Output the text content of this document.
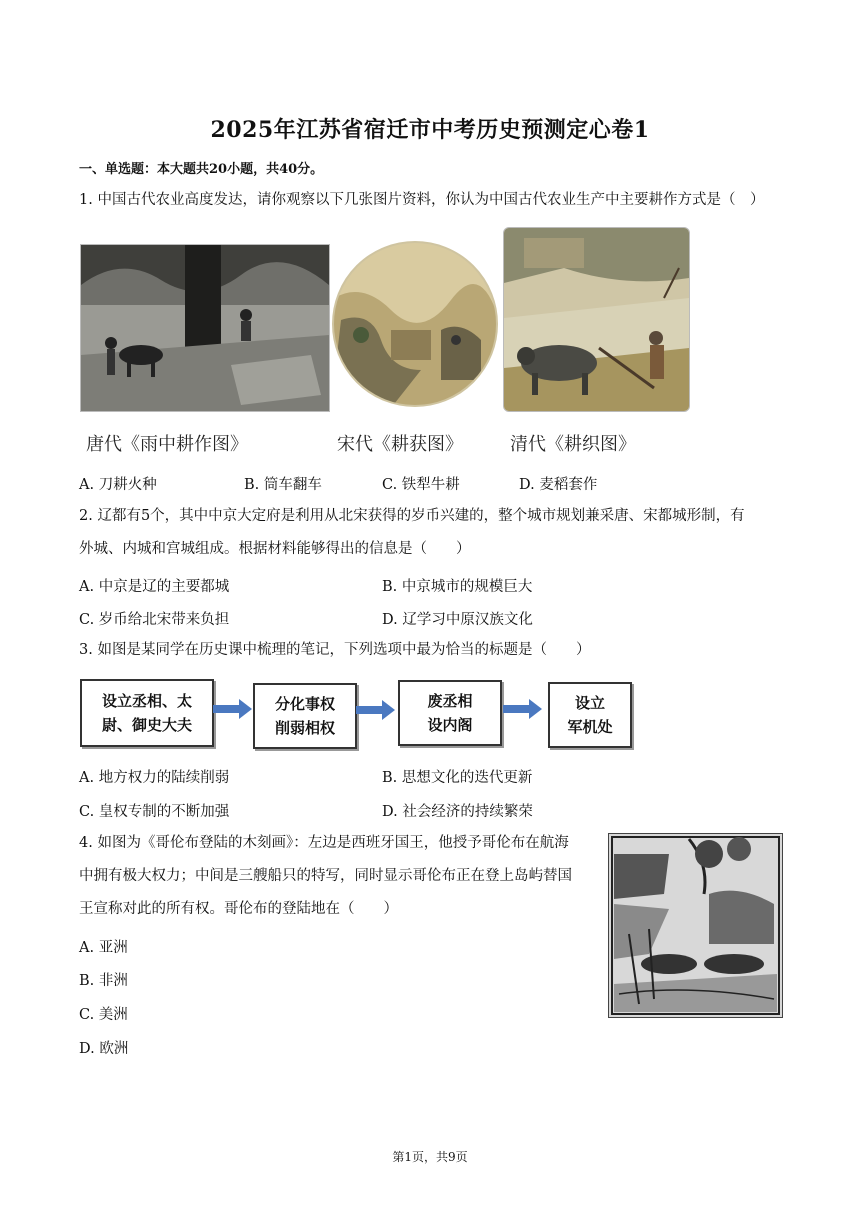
2025年江苏省宿迁市中考历史预测定心卷1
一、单选题：本大题共20小题，共40分。
1. 中国古代农业高度发达，请你观察以下几张图片资料，你认为中国古代农业生产中主要耕作方式是（　）
唐代《雨中耕作图》	宋代《耕获图》	清代《耕织图》
A. 刀耕火种	B. 筒车翻车	C. 铁犁牛耕	D. 麦稻套作
2. 辽都有5个，其中中京大定府是利用从北宋获得的岁币兴建的，整个城市规划兼采唐、宋都城形制，有
外城、内城和宫城组成。根据材料能够得出的信息是（　　）
A. 中京是辽的主要都城	B. 中京城市的规模巨大
C. 岁币给北宋带来负担	D. 辽学习中原汉族文化
3. 如图是某同学在历史课中梳理的笔记，下列选项中最为恰当的标题是（　　）
设立丞相、太
尉、御史大夫
分化事权
削弱相权
废丞相
设内阁
设立
军机处
A. 地方权力的陆续削弱	B. 思想文化的迭代更新
C. 皇权专制的不断加强	D. 社会经济的持续繁荣
4. 如图为《哥伦布登陆的木刻画》：左边是西班牙国王，他授予哥伦布在航海
中拥有极大权力；中间是三艘船只的特写，同时显示哥伦布正在登上岛屿替国
王宣称对此的所有权。哥伦布的登陆地在（　　）
A. 亚洲
B. 非洲
C. 美洲
D. 欧洲
第1页，共9页
